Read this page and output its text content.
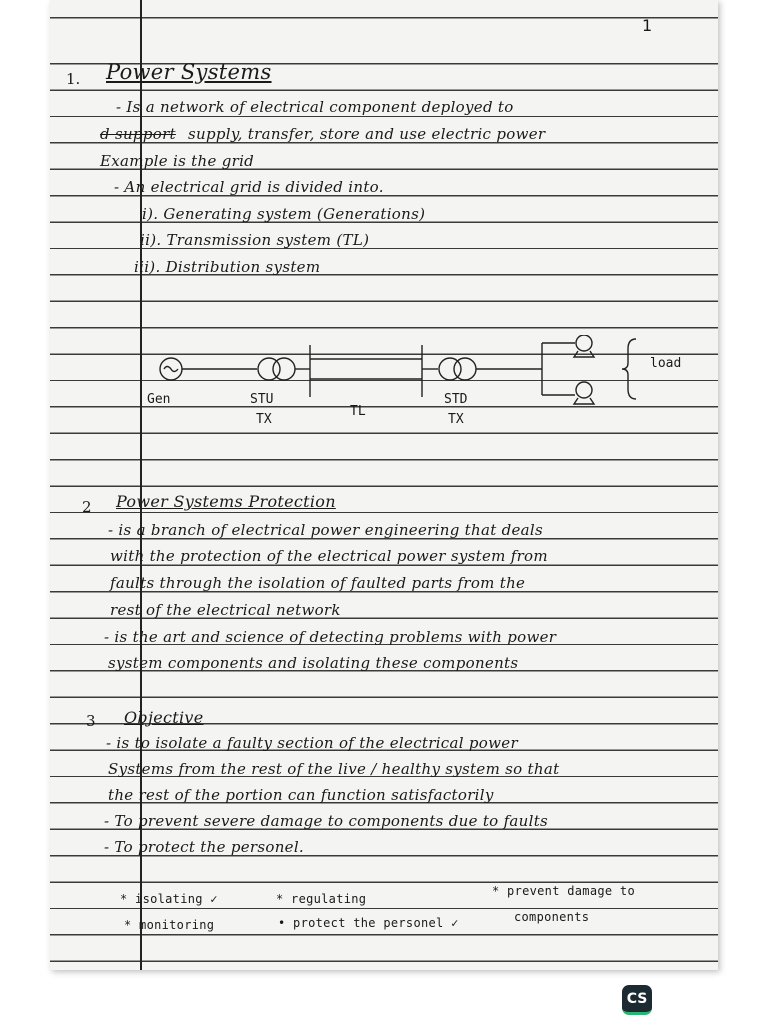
1
1. Power Systems
- Is a network of electrical component deployed to
d support supply, transfer, store and use electric power
Example is the grid
- An electrical grid is divided into.
i). Generating system (Generations)
ii). Transmission system (TL)
iii). Distribution system
Gen	STU
TX
TL
STD
TX
load
2 Power Systems Protection
- is a branch of electrical power engineering that deals
with the protection of the electrical power system from
faults through the isolation of faulted parts from the
rest of the electrical network
- is the art and science of detecting problems with power
system components and isolating these components
3 Objective
- is to isolate a faulty section of the electrical power
Systems from the rest of the live / healthy system so that
the rest of the portion can function satisfactorily
- To prevent severe damage to components due to faults
- To protect the personel.
* isolating ✓	* regulating
* prevent damage to
components
* monitoring	• protect the personel ✓
CS
